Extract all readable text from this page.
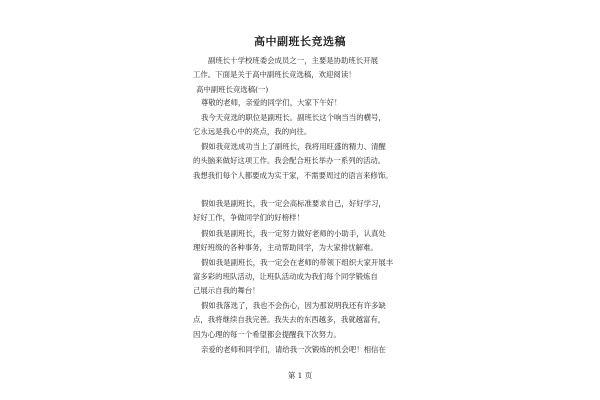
高中副班长竞选稿
副班长十学校班委会成员之一，主要是协助班长开展
工作。下面是关于高中副班长竞选稿，欢迎阅读！
高中副班长竞选稿(一)
尊敬的老师，亲爱的同学们，大家下午好！
我今天竞选的职位是副班长。副班长这个响当当的横号，
它永远是我心中的亮点，我的向往。
假如我竞选成功当上了副班长，我将用旺盛的精力、清醒
的头脑来做好这项工作。我会配合班长举办一系列的活动。
我想我们每个人都要成为实干家，不需要周过的语言来修饰。
假如我是副班长，我一定会高标准要求自己，好好学习，
好好工作，争做同学们的好榜样！
假如我是副班长，我一定努力做好老师的小助手，认真处
理好班级的各种事务，主动帮助同学，为大家排忧解难。
假如我是副班长，我一定会在老师的带领下组织大家开展丰
富多彩的班队活动，让班队活动成为我们每个同学锻炼自
己展示自我的舞台！
假如我落选了，我也不会伤心，因为那说明我还有许多缺
点，我将继续自我完善。我失去的东西越多，我就越富有，
因为心理的每一个希望都会提醒我下次努力。
亲爱的老师和同学们，请给我一次锻炼的机会吧！相信在
第 1 页
